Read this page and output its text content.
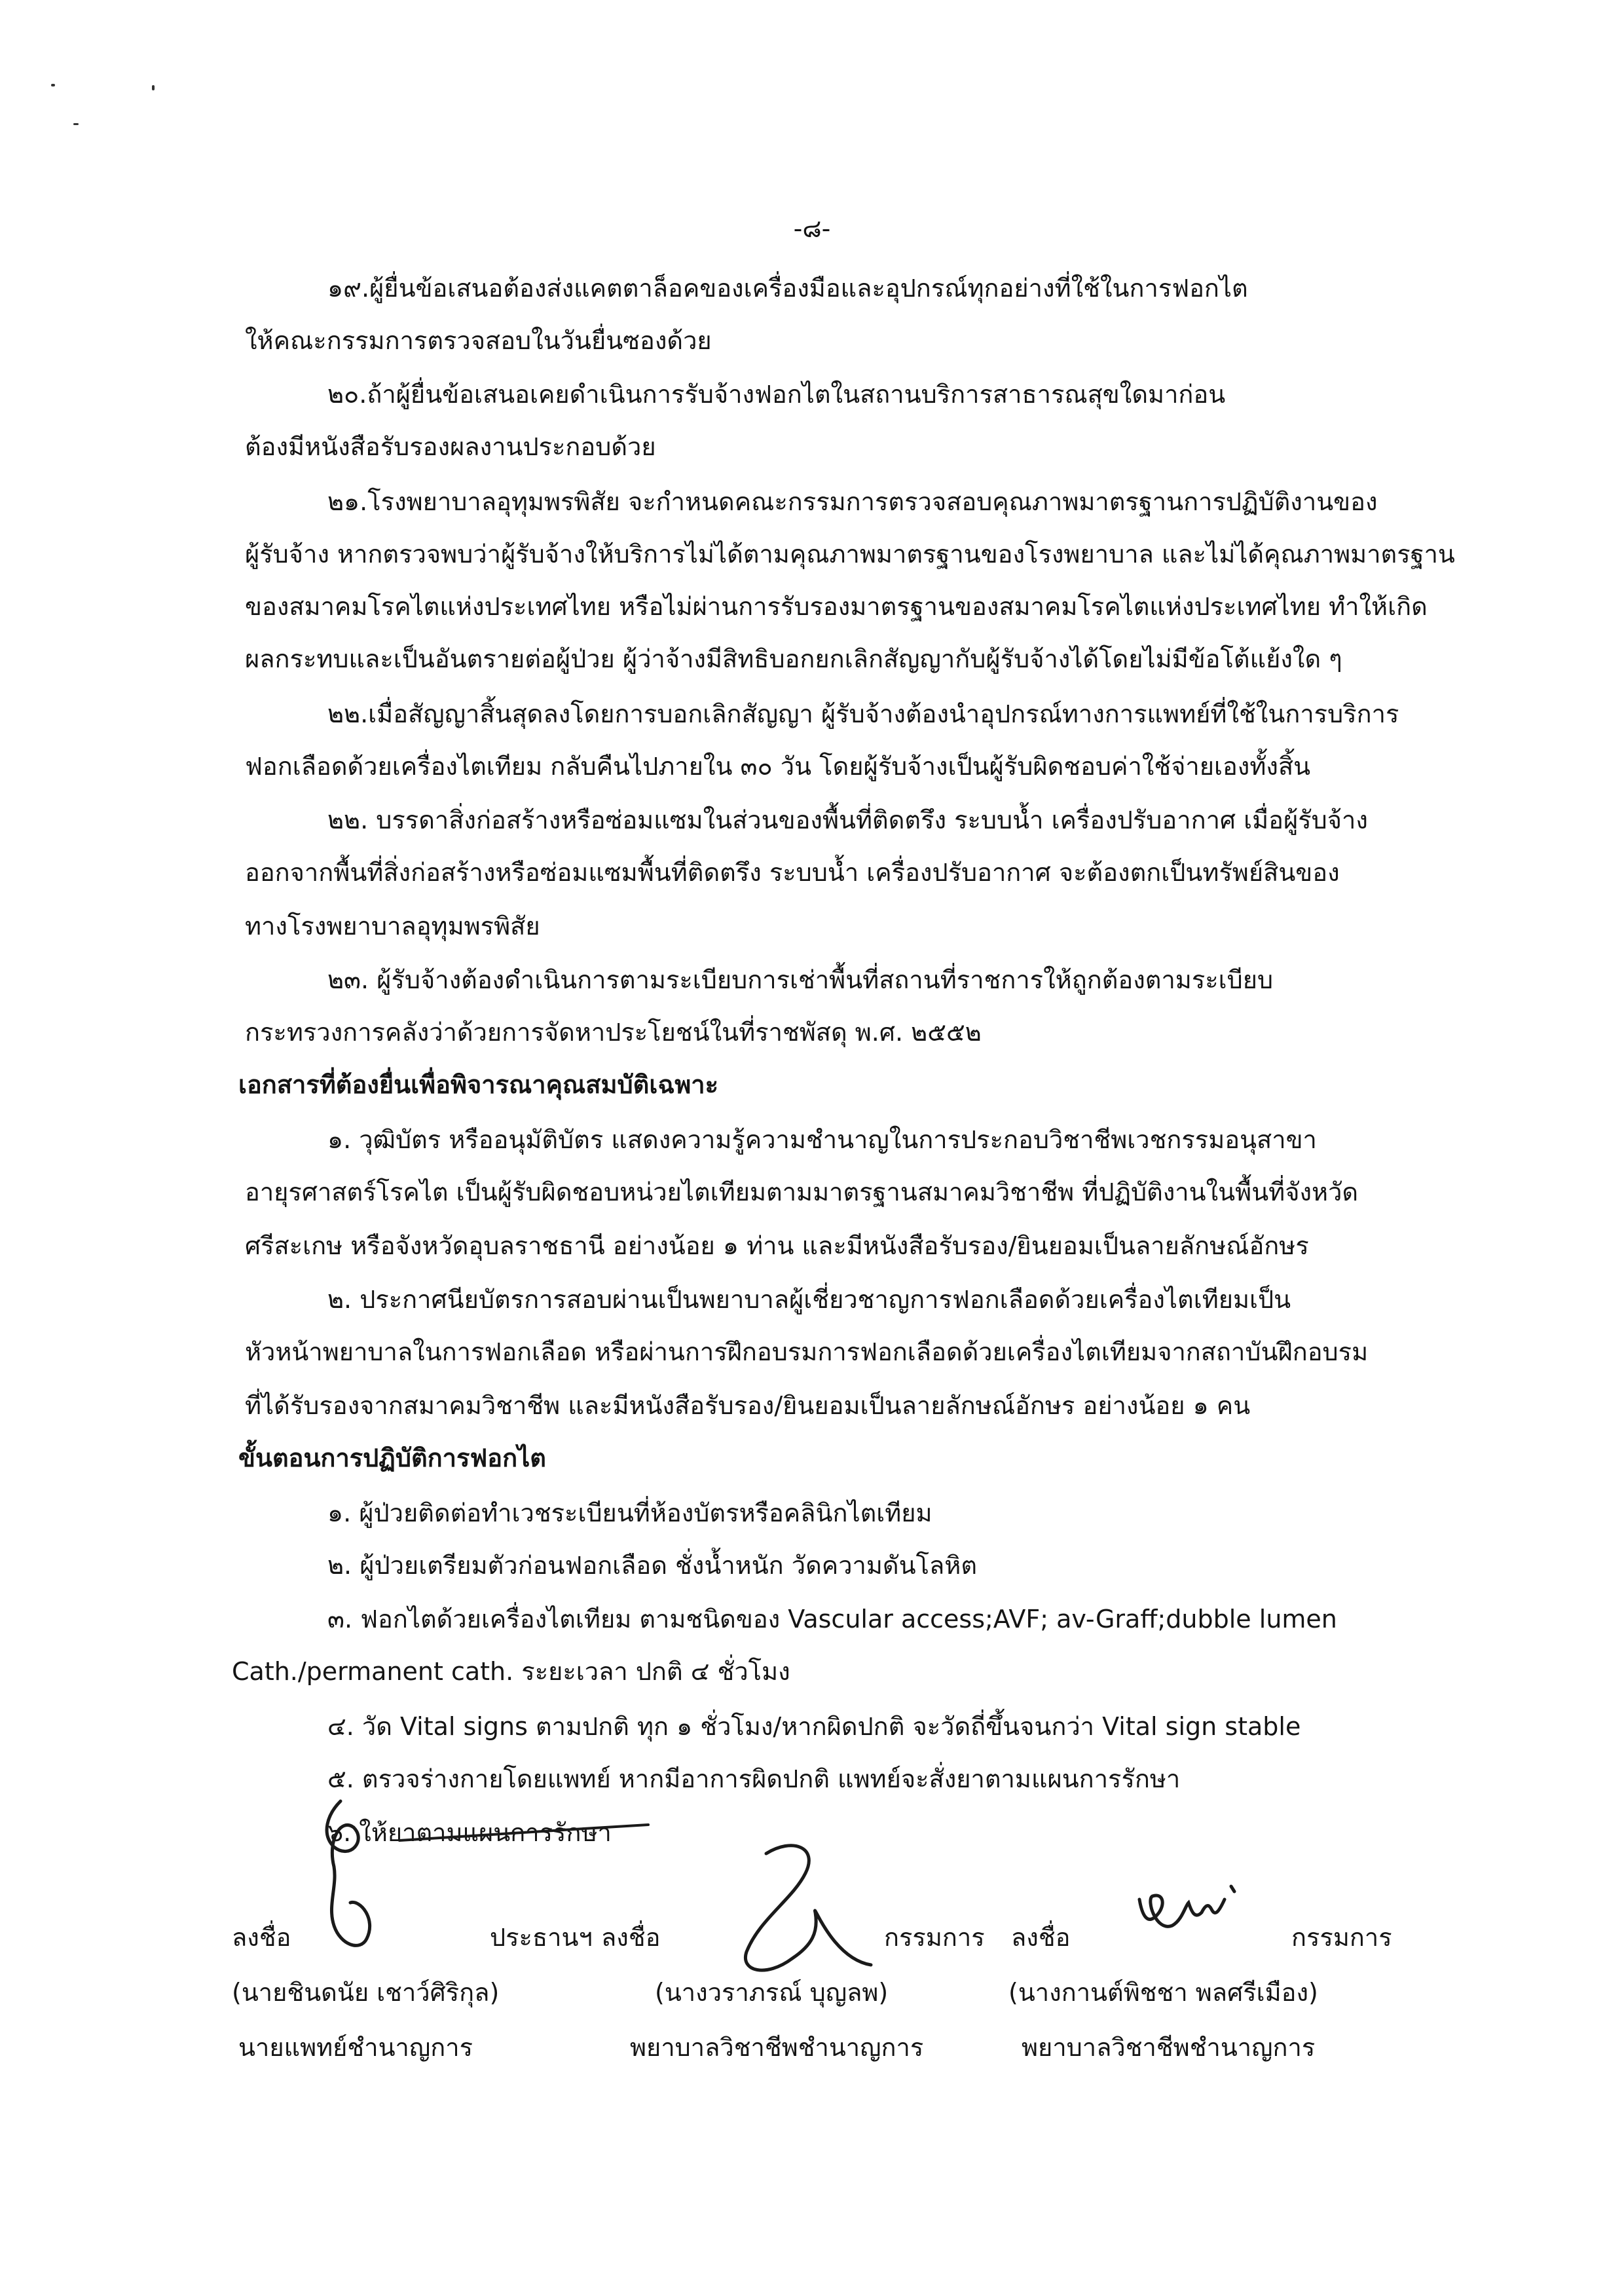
-๘-
๑๙.ผู้ยื่นข้อเสนอต้องส่งแคตตาล็อคของเครื่องมือและอุปกรณ์ทุกอย่างที่ใช้ในการฟอกไต
ให้คณะกรรมการตรวจสอบในวันยื่นซองด้วย
๒๐.ถ้าผู้ยื่นข้อเสนอเคยดำเนินการรับจ้างฟอกไตในสถานบริการสาธารณสุขใดมาก่อน
ต้องมีหนังสือรับรองผลงานประกอบด้วย
๒๑.โรงพยาบาลอุทุมพรพิสัย จะกำหนดคณะกรรมการตรวจสอบคุณภาพมาตรฐานการปฏิบัติงานของ
ผู้รับจ้าง หากตรวจพบว่าผู้รับจ้างให้บริการไม่ได้ตามคุณภาพมาตรฐานของโรงพยาบาล และไม่ได้คุณภาพมาตรฐาน
ของสมาคมโรคไตแห่งประเทศไทย หรือไม่ผ่านการรับรองมาตรฐานของสมาคมโรคไตแห่งประเทศไทย ทำให้เกิด
ผลกระทบและเป็นอันตรายต่อผู้ป่วย ผู้ว่าจ้างมีสิทธิบอกยกเลิกสัญญากับผู้รับจ้างได้โดยไม่มีข้อโต้แย้งใด ๆ
๒๒.เมื่อสัญญาสิ้นสุดลงโดยการบอกเลิกสัญญา ผู้รับจ้างต้องนำอุปกรณ์ทางการแพทย์ที่ใช้ในการบริการ
ฟอกเลือดด้วยเครื่องไตเทียม กลับคืนไปภายใน ๓๐ วัน โดยผู้รับจ้างเป็นผู้รับผิดชอบค่าใช้จ่ายเองทั้งสิ้น
๒๒. บรรดาสิ่งก่อสร้างหรือซ่อมแซมในส่วนของพื้นที่ติดตรึง ระบบน้ำ เครื่องปรับอากาศ เมื่อผู้รับจ้าง
ออกจากพื้นที่สิ่งก่อสร้างหรือซ่อมแซมพื้นที่ติดตรึง ระบบน้ำ เครื่องปรับอากาศ จะต้องตกเป็นทรัพย์สินของ
ทางโรงพยาบาลอุทุมพรพิสัย
๒๓. ผู้รับจ้างต้องดำเนินการตามระเบียบการเช่าพื้นที่สถานที่ราชการให้ถูกต้องตามระเบียบ
กระทรวงการคลังว่าด้วยการจัดหาประโยชน์ในที่ราชพัสดุ พ.ศ. ๒๕๕๒
เอกสารที่ต้องยื่นเพื่อพิจารณาคุณสมบัติเฉพาะ
๑. วุฒิบัตร หรืออนุมัติบัตร แสดงความรู้ความชำนาญในการประกอบวิชาชีพเวชกรรมอนุสาขา
อายุรศาสตร์โรคไต เป็นผู้รับผิดชอบหน่วยไตเทียมตามมาตรฐานสมาคมวิชาชีพ ที่ปฏิบัติงานในพื้นที่จังหวัด
ศรีสะเกษ หรือจังหวัดอุบลราชธานี อย่างน้อย ๑ ท่าน และมีหนังสือรับรอง/ยินยอมเป็นลายลักษณ์อักษร
๒. ประกาศนียบัตรการสอบผ่านเป็นพยาบาลผู้เชี่ยวชาญการฟอกเลือดด้วยเครื่องไตเทียมเป็น
หัวหน้าพยาบาลในการฟอกเลือด หรือผ่านการฝึกอบรมการฟอกเลือดด้วยเครื่องไตเทียมจากสถาบันฝึกอบรม
ที่ได้รับรองจากสมาคมวิชาชีพ และมีหนังสือรับรอง/ยินยอมเป็นลายลักษณ์อักษร อย่างน้อย ๑ คน
ขั้นตอนการปฏิบัติการฟอกไต
๑. ผู้ป่วยติดต่อทำเวชระเบียนที่ห้องบัตรหรือคลินิกไตเทียม
๒. ผู้ป่วยเตรียมตัวก่อนฟอกเลือด ชั่งน้ำหนัก วัดความดันโลหิต
๓. ฟอกไตด้วยเครื่องไตเทียม ตามชนิดของ Vascular access;AVF; av-Graff;dubble lumen
Cath./permanent cath. ระยะเวลา ปกติ ๔ ชั่วโมง
๔. วัด Vital signs ตามปกติ ทุก ๑ ชั่วโมง/หากผิดปกติ จะวัดถี่ขึ้นจนกว่า Vital sign stable
๕. ตรวจร่างกายโดยแพทย์ หากมีอาการผิดปกติ แพทย์จะสั่งยาตามแผนการรักษา
๖. ให้ยาตามแผนการรักษา
ลงชื่อ	ประธานฯ ลงชื่อ	กรรมการ ลงชื่อ	กรรมการ
(นายชินดนัย เชาว์ศิริกุล)	(นางวราภรณ์ บุญลพ)	(นางกานต์พิชชา พลศรีเมือง)
นายแพทย์ชำนาญการ	พยาบาลวิชาชีพชำนาญการ	พยาบาลวิชาชีพชำนาญการ
